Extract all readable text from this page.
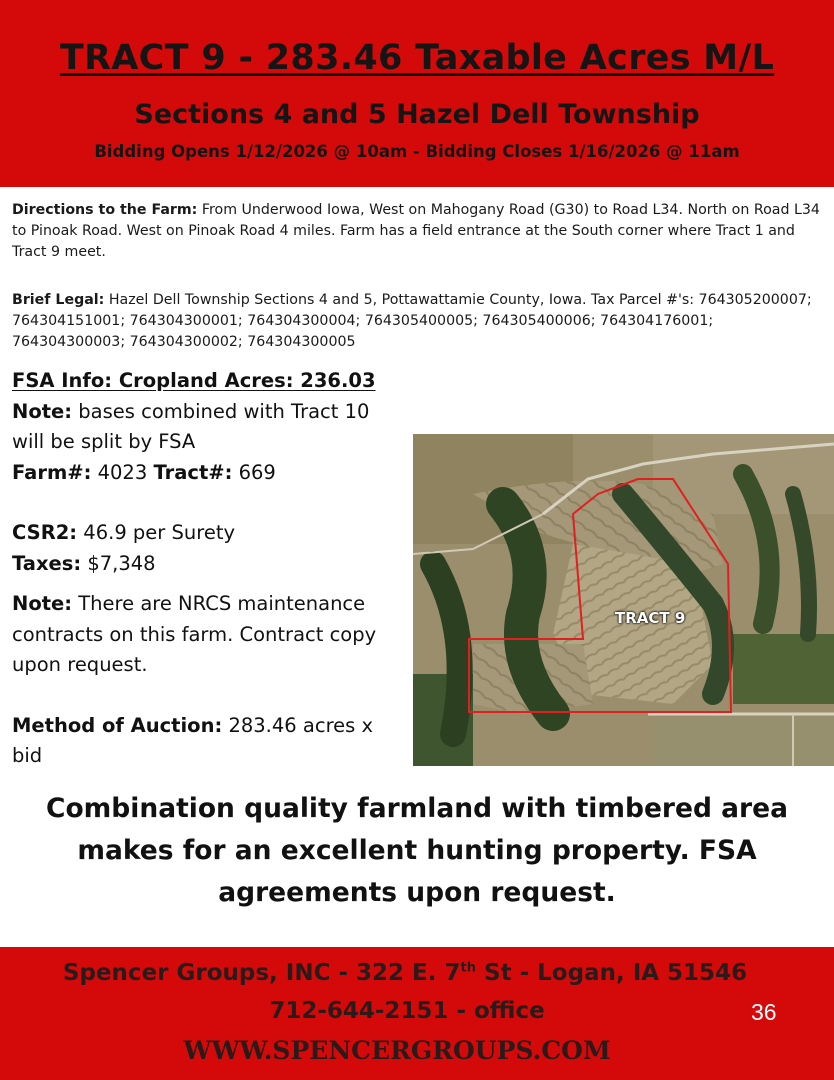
TRACT 9 - 283.46 Taxable Acres M/L
Sections 4 and 5 Hazel Dell Township
Bidding Opens 1/12/2026 @ 10am - Bidding Closes 1/16/2026 @ 11am
Directions to the Farm: From Underwood Iowa, West on Mahogany Road (G30) to Road L34. North on Road L34 to Pinoak Road. West on Pinoak Road 4 miles. Farm has a field entrance at the South corner where Tract 1 and Tract 9 meet.
Brief Legal: Hazel Dell Township Sections 4 and 5, Pottawattamie County, Iowa. Tax Parcel #'s: 764305200007; 764304151001; 764304300001; 764304300004; 764305400005; 764305400006; 764304176001; 764304300003; 764304300002; 764304300005
FSA Info: Cropland Acres: 236.03
Note: bases combined with Tract 10 will be split by FSA
Farm#: 4023 Tract#: 669
CSR2: 46.9 per Surety
Taxes: $7,348
Note: There are NRCS maintenance contracts on this farm. Contract copy upon request.
Method of Auction: 283.46 acres x bid
TRACT 9
Combination quality farmland with timbered area makes for an excellent hunting property. FSA agreements upon request.
Spencer Groups, INC - 322 E. 7th St - Logan, IA 51546
712-644-2151 - office
WWW.SPENCERGROUPS.COM
36
